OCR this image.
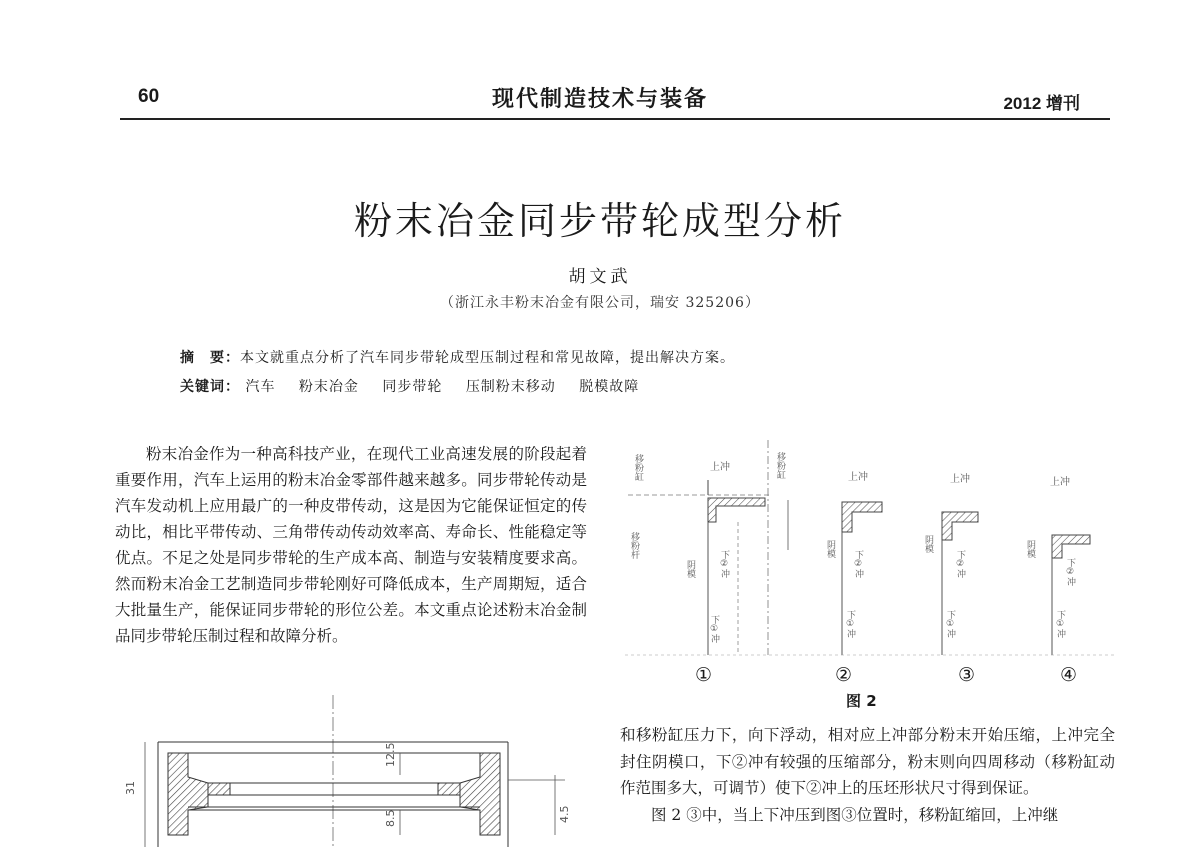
60	现代制造技术与装备	2012 增刊
粉末冶金同步带轮成型分析
胡文武
（浙江永丰粉末冶金有限公司，瑞安 325206）
摘　要：本文就重点分析了汽车同步带轮成型压制过程和常见故障，提出解决方案。
关键词： 汽车 粉末冶金 同步带轮 压制粉末移动 脱模故障

粉末冶金作为一种高科技产业，在现代工业高速发展的阶段起着重要作用，汽车上运用的粉末冶金零部件越来越多。同步带轮传动是汽车发动机上应用最广的一种皮带传动，这是因为它能保证恒定的传动比，相比平带传动、三角带传动传动效率高、寿命长、性能稳定等优点。不足之处是同步带轮的生产成本高、制造与安装精度要求高。然而粉末冶金工艺制造同步带轮刚好可降低成本，生产周期短，适合大批量生产，能保证同步带轮的形位公差。本文重点论述粉末冶金制品同步带轮压制过程和故障分析。

31
12.5
8.5	4.5
移粉缸
移粉杆
上冲
阴模	下②冲
下①冲
移粉缸	上冲
阴模
下②冲
下①冲
上冲
阴模
下②冲
下①冲
上冲
阴模
下②冲
下①冲
①	②	③	④
图 2

和移粉缸压力下，向下浮动，相对应上冲部分粉末开始压缩，上冲完全封住阴模口，下②冲有较强的压缩部分，粉末则向四周移动（移粉缸动作范围多大，可调节）使下②冲上的压坯形状尺寸得到保证。

图 2 ③中，当上下冲压到图③位置时，移粉缸缩回，上冲继
